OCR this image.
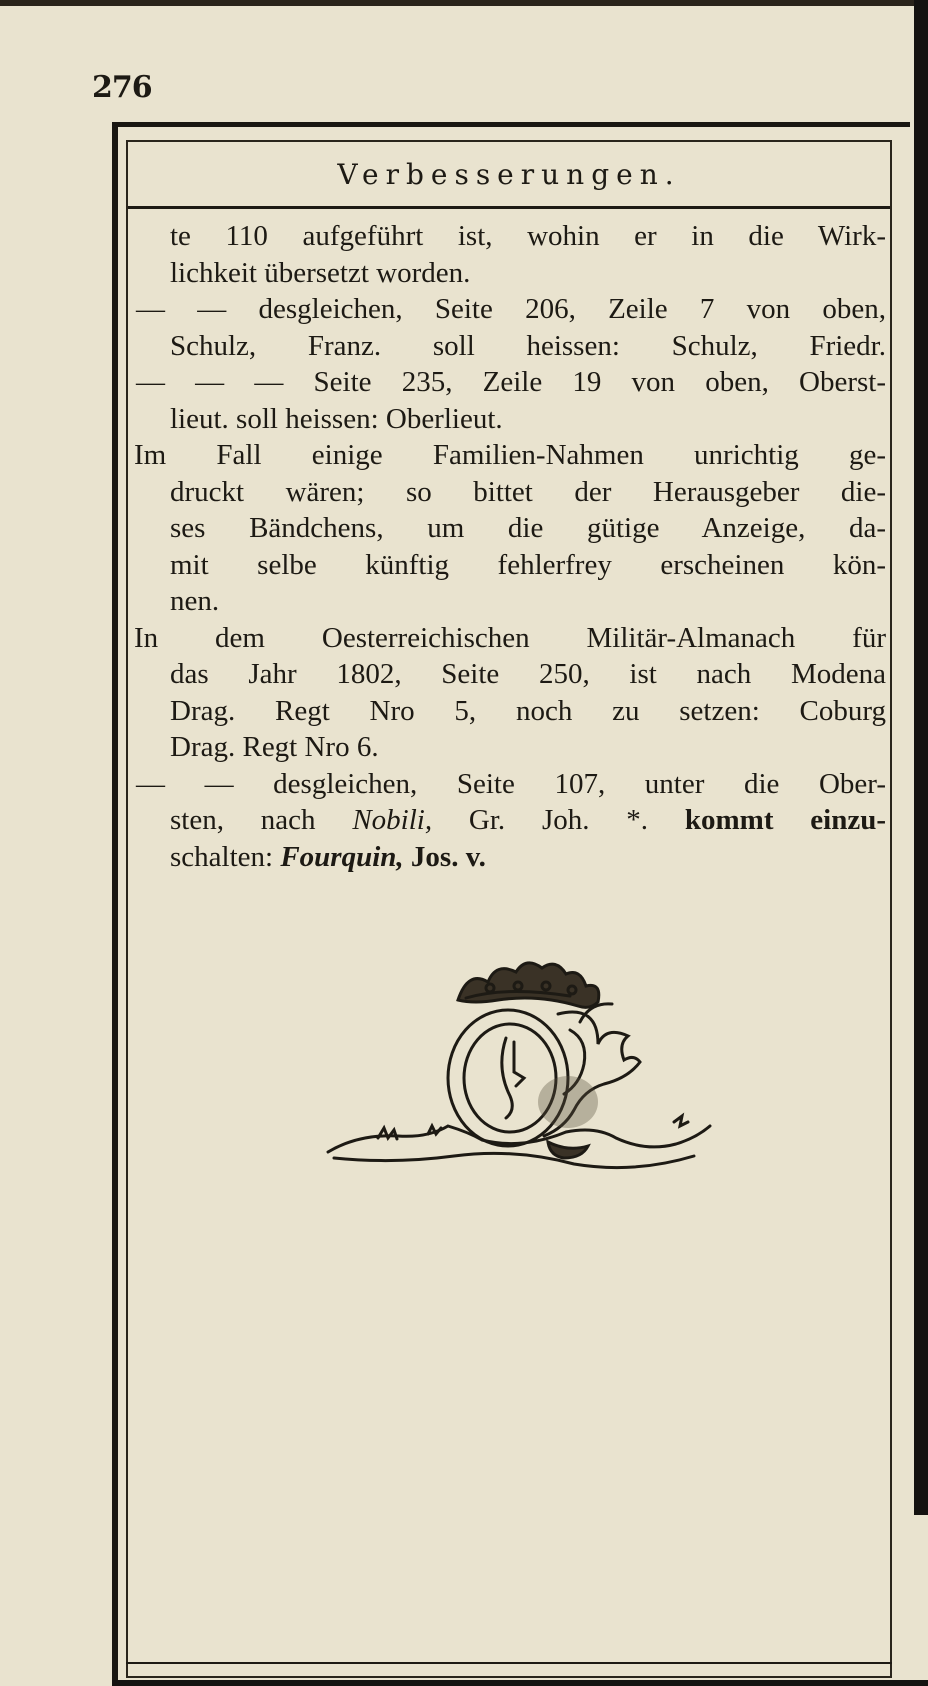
276
Verbesserungen.
te 110 aufgeführt ist, wohin er in die Wirk-
lichkeit übersetzt worden.
— — desgleichen, Seite 206, Zeile 7 von oben,
Schulz, Franz. soll heissen: Schulz, Friedr.
— — — Seite 235, Zeile 19 von oben, Oberst-
lieut. soll heissen: Oberlieut.
Im Fall einige Familien-Nahmen unrichtig ge-
druckt wären; so bittet der Herausgeber die-
ses Bändchens, um die gütige Anzeige, da-
mit selbe künftig fehlerfrey erscheinen kön-
nen.
In dem Oesterreichischen Militär-Almanach für
das Jahr 1802, Seite 250, ist nach Modena
Drag. Regt Nro 5, noch zu setzen: Coburg
Drag. Regt Nro 6.
— — desgleichen, Seite 107, unter die Ober-
sten, nach Nobili, Gr. Joh. *. kommt einzu-
schalten: Fourquin, Jos. v.
